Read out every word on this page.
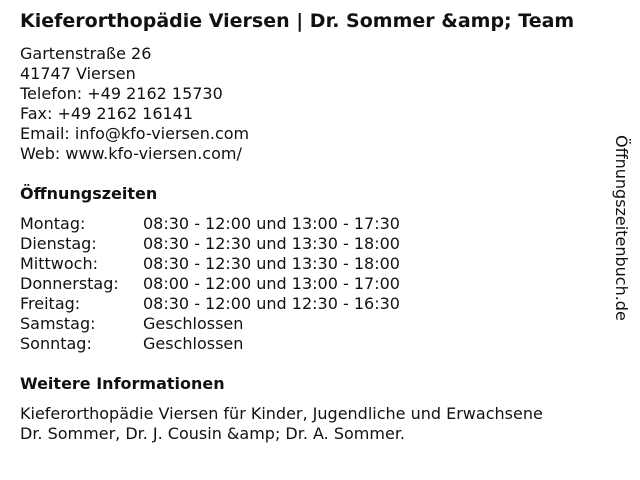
Kieferorthopädie Viersen | Dr. Sommer &amp; Team
Gartenstraße 26
41747 Viersen
Telefon: +49 2162 15730
Fax: +49 2162 16141
Email: info@kfo-viersen.com
Web: www.kfo-viersen.com/
Öffnungszeiten
Montag:	08:30 - 12:00 und 13:00 - 17:30
Dienstag:	08:30 - 12:30 und 13:30 - 18:00
Mittwoch:	08:30 - 12:30 und 13:30 - 18:00
Donnerstag: 08:00 - 12:00 und 13:00 - 17:00
Freitag:	08:30 - 12:00 und 12:30 - 16:30
Samstag:	Geschlossen
Sonntag:	Geschlossen
Weitere Informationen
Kieferorthopädie Viersen für Kinder, Jugendliche und Erwachsene
Dr. Sommer, Dr. J. Cousin &amp; Dr. A. Sommer.
Öffnungszeitenbuch.de
